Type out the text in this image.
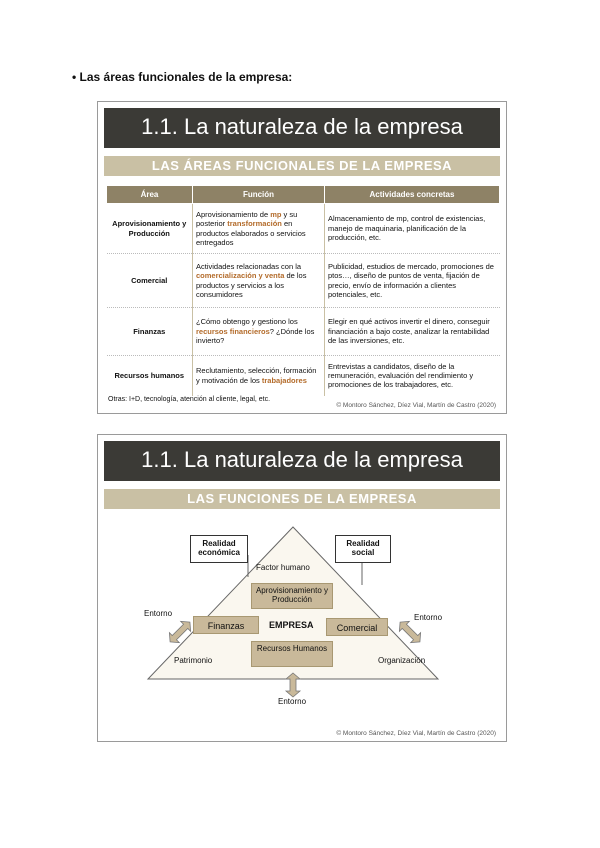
• Las áreas funcionales de la empresa:
1.1. La naturaleza de la empresa
LAS ÁREAS FUNCIONALES DE LA EMPRESA
Área	Función	Actividades concretas
Aprovisionamiento y Producción	Aprovisionamiento de mp y su posterior transformación en productos elaborados o servicios entregados	Almacenamiento de mp, control de existencias, manejo de maquinaria, planificación de la producción, etc.
Comercial	Actividades relacionadas con la comercialización y venta de los productos y servicios a los consumidores	Publicidad, estudios de mercado, promociones de ptos…, diseño de puntos de venta, fijación de precio, envío de información a clientes potenciales, etc.
Finanzas	¿Cómo obtengo y gestiono los recursos financieros? ¿Dónde los invierto?	Elegir en qué activos invertir el dinero, conseguir financiación a bajo coste, analizar la rentabilidad de las inversiones, etc.
Recursos humanos	Reclutamiento, selección, formación y motivación de los trabajadores	Entrevistas a candidatos, diseño de la remuneración, evaluación del rendimiento y promociones de los trabajadores, etc.
Otras: I+D, tecnología, atención al cliente, legal, etc.
© Montoro Sánchez, Díez Vial, Martín de Castro (2020)
1.1. La naturaleza de la empresa
LAS FUNCIONES DE LA EMPRESA
Realidad económica
Realidad social
Factor humano
Aprovisionamiento y Producción
Finanzas	EMPRESA	Comercial
Recursos Humanos
Patrimonio	Organización
Entorno	Entorno
Entorno
© Montoro Sánchez, Díez Vial, Martín de Castro (2020)
